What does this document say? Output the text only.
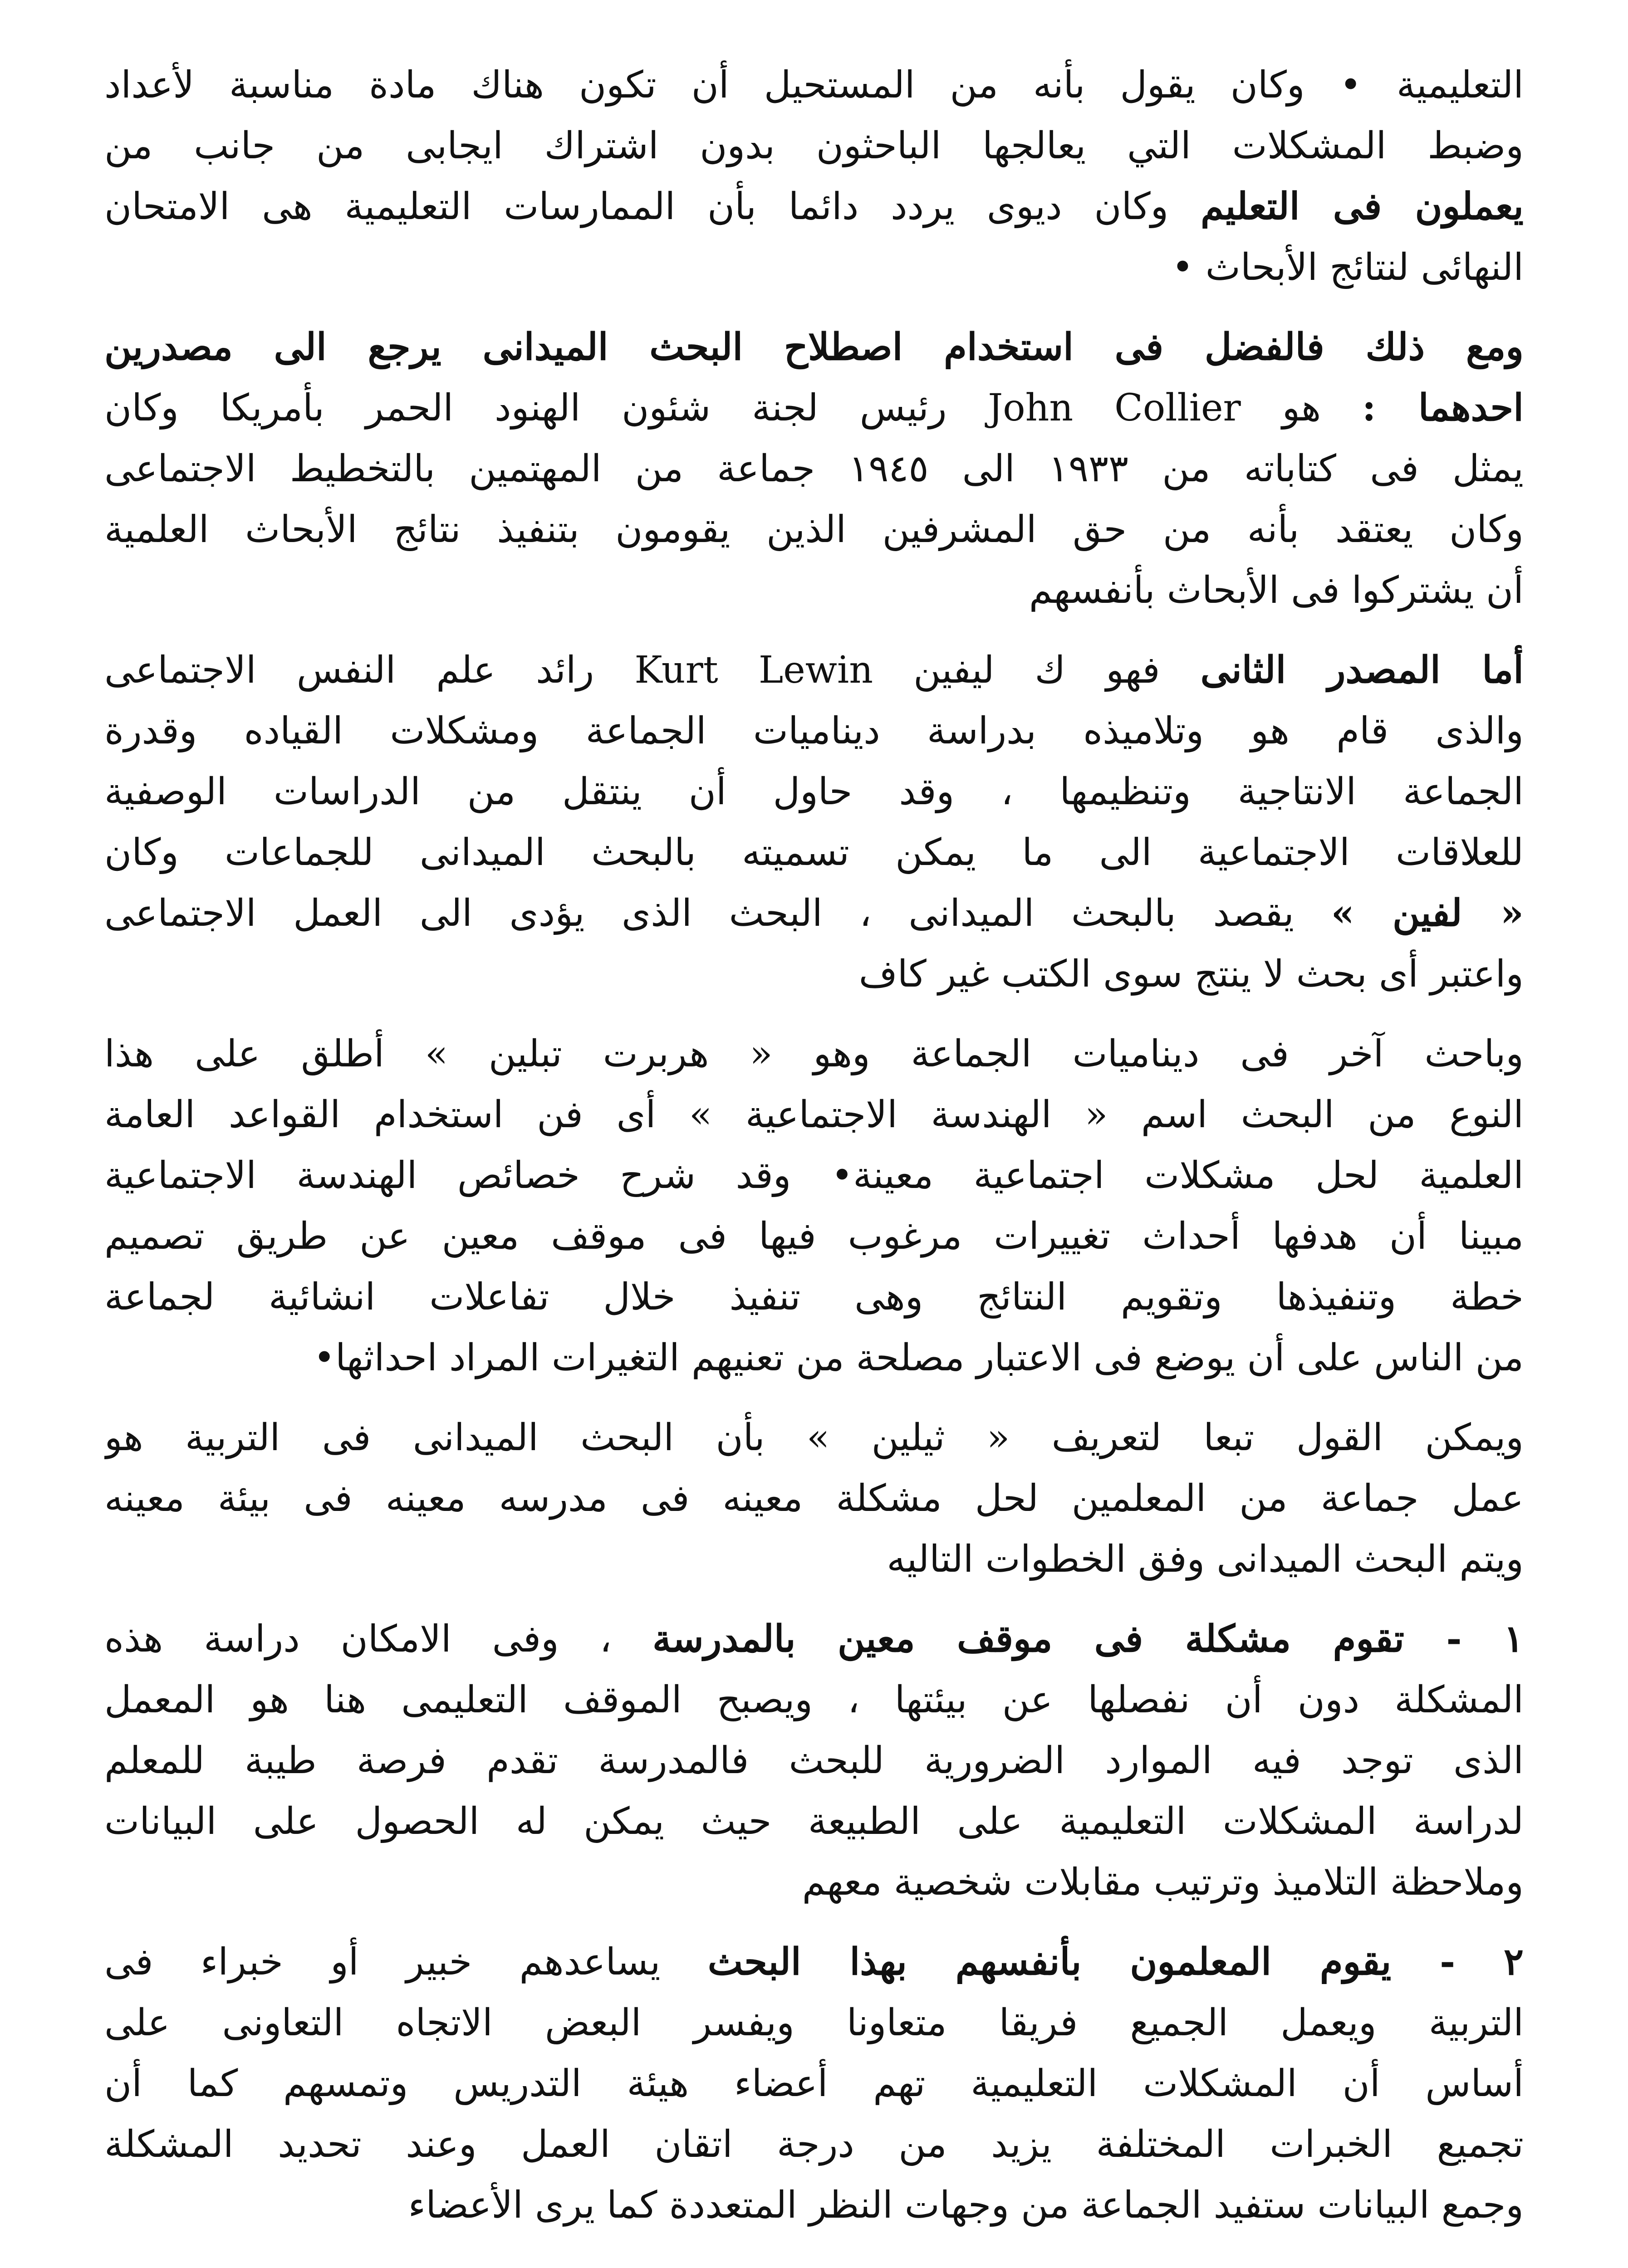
التعليمية • وكان يقول بأنه من المستحيل أن تكون هناك مادة مناسبة لأعداد
وضبط المشكلات التي يعالجها الباحثون بدون اشتراك ايجابى من جانب من
يعملون فى التعليم وكان ديوى يردد دائما بأن الممارسات التعليمية هى الامتحان
النهائى لنتائج الأبحاث •
ومع ذلك فالفضل فى استخدام اصطلاح البحث الميدانى يرجع الى مصدرين
احدهما : هو John Collier رئيس لجنة شئون الهنود الحمر بأمريكا وكان
يمثل فى كتاباته من ١٩٣٣ الى ١٩٤٥ جماعة من المهتمين بالتخطيط الاجتماعى
وكان يعتقد بأنه من حق المشرفين الذين يقومون بتنفيذ نتائج الأبحاث العلمية
أن يشتركوا فى الأبحاث بأنفسهم
أما المصدر الثانى فهو ك ليفين Kurt Lewin رائد علم النفس الاجتماعى
والذى قام هو وتلاميذه بدراسة ديناميات الجماعة ومشكلات القياده وقدرة
الجماعة الانتاجية وتنظيمها ، وقد حاول أن ينتقل من الدراسات الوصفية
للعلاقات الاجتماعية الى ما يمكن تسميته بالبحث الميدانى للجماعات وكان
« لفين » يقصد بالبحث الميدانى ، البحث الذى يؤدى الى العمل الاجتماعى
واعتبر أى بحث لا ينتج سوى الكتب غير كاف
وباحث آخر فى ديناميات الجماعة وهو « هربرت تبلين » أطلق على هذا
النوع من البحث اسم « الهندسة الاجتماعية » أى فن استخدام القواعد العامة
العلمية لحل مشكلات اجتماعية معينة• وقد شرح خصائص الهندسة الاجتماعية
مبينا أن هدفها أحداث تغييرات مرغوب فيها فى موقف معين عن طريق تصميم
خطة وتنفيذها وتقويم النتائج وهى تنفيذ خلال تفاعلات انشائية لجماعة
من الناس على أن يوضع فى الاعتبار مصلحة من تعنيهم التغيرات المراد احداثها•
ويمكن القول تبعا لتعريف « ثيلين » بأن البحث الميدانى فى التربية هو
عمل جماعة من المعلمين لحل مشكلة معينه فى مدرسه معينه فى بيئة معينه
ويتم البحث الميدانى وفق الخطوات التاليه
١ - تقوم مشكلة فى موقف معين بالمدرسة ، وفى الامكان دراسة هذه
المشكلة دون أن نفصلها عن بيئتها ، ويصبح الموقف التعليمى هنا هو المعمل
الذى توجد فيه الموارد الضرورية للبحث فالمدرسة تقدم فرصة طيبة للمعلم
لدراسة المشكلات التعليمية على الطبيعة حيث يمكن له الحصول على البيانات
وملاحظة التلاميذ وترتيب مقابلات شخصية معهم
٢ - يقوم المعلمون بأنفسهم بهذا البحث يساعدهم خبير أو خبراء فى
التربية ويعمل الجميع فريقا متعاونا ويفسر البعض الاتجاه التعاونى على
أساس أن المشكلات التعليمية تهم أعضاء هيئة التدريس وتمسهم كما أن
تجميع الخبرات المختلفة يزيد من درجة اتقان العمل وعند تحديد المشكلة
وجمع البيانات ستفيد الجماعة من وجهات النظر المتعددة كما يرى الأعضاء
